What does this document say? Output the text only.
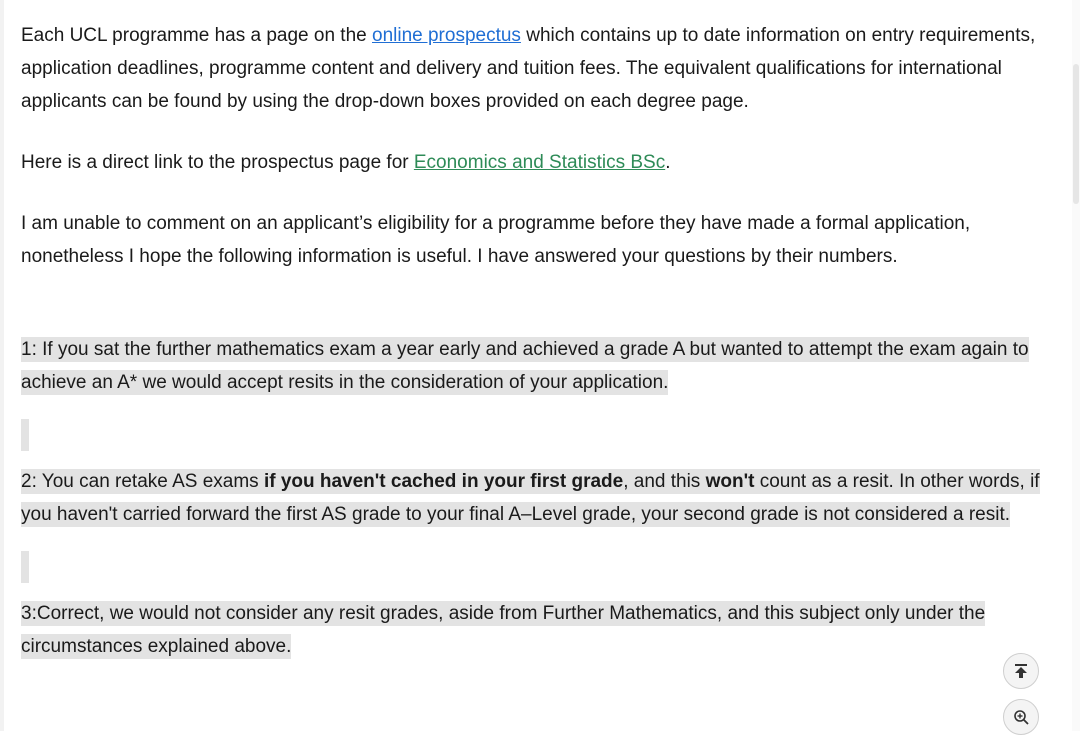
Each UCL programme has a page on the online prospectus which contains up to date information on entry requirements, application deadlines, programme content and delivery and tuition fees. The equivalent qualifications for international applicants can be found by using the drop-down boxes provided on each degree page.

Here is a direct link to the prospectus page for Economics and Statistics BSc.

I am unable to comment on an applicant’s eligibility for a programme before they have made a formal application, nonetheless I hope the following information is useful. I have answered your questions by their numbers.

1: If you sat the further mathematics exam a year early and achieved a grade A but wanted to attempt the exam again to achieve an A* we would accept resits in the consideration of your application.

2: You can retake AS exams if you haven't cached in your first grade, and this won't count as a resit. In other words, if you haven't carried forward the first AS grade to your final A–Level grade, your second grade is not considered a resit.

3:Correct, we would not consider any resit grades, aside from Further Mathematics, and this subject only under the circumstances explained above.
